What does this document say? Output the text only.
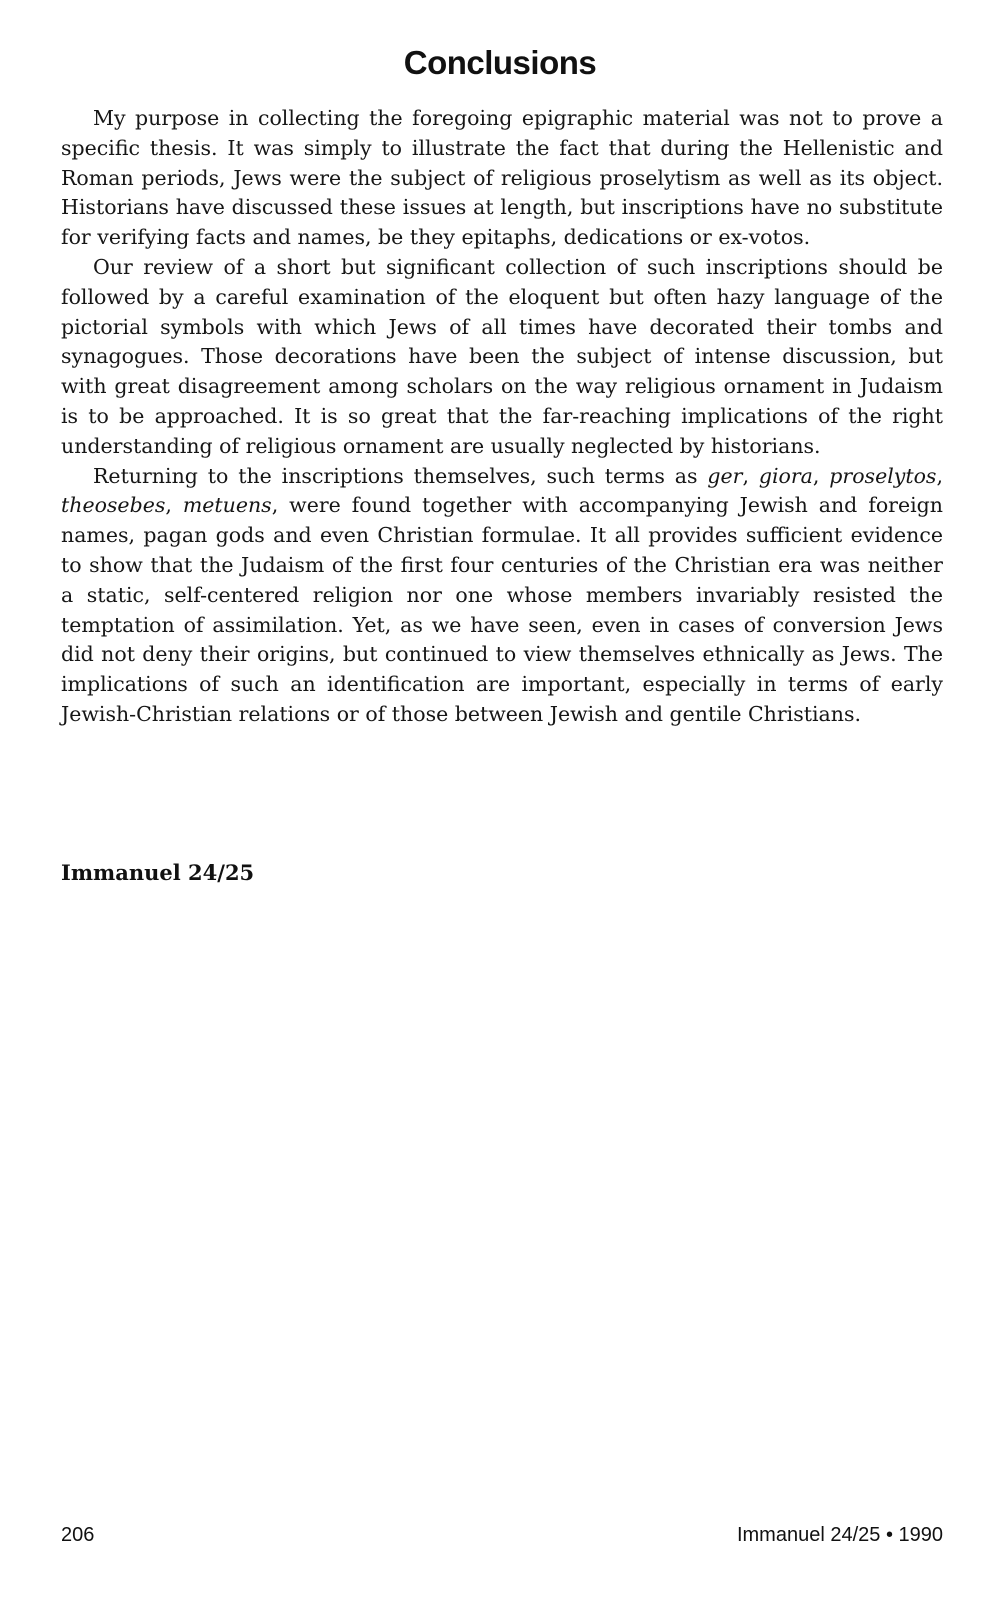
Conclusions

My purpose in collecting the foregoing epigraphic material was not to prove a specific thesis. It was simply to illustrate the fact that during the Hellenistic and Roman periods, Jews were the subject of religious proselytism as well as its object. Historians have discussed these issues at length, but inscriptions have no substitute for verifying facts and names, be they epitaphs, dedications or ex-votos.

Our review of a short but significant collection of such inscriptions should be followed by a careful examination of the eloquent but often hazy language of the pictorial symbols with which Jews of all times have decorated their tombs and synagogues. Those decorations have been the subject of intense discussion, but with great disagreement among scholars on the way religious ornament in Judaism is to be approached. It is so great that the far-reaching implications of the right understanding of religious ornament are usually neglected by historians.

Returning to the inscriptions themselves, such terms as ger, giora, proselytos, theosebes, metuens, were found together with accompanying Jewish and foreign names, pagan gods and even Christian formulae. It all provides sufficient evidence to show that the Judaism of the first four centuries of the Christian era was neither a static, self-centered religion nor one whose members invariably resisted the temptation of assimilation. Yet, as we have seen, even in cases of conversion Jews did not deny their origins, but continued to view themselves ethnically as Jews. The implications of such an identification are important, especially in terms of early Jewish-Christian relations or of those between Jewish and gentile Christians.

Immanuel 24/25
206	Immanuel 24/25 • 1990
